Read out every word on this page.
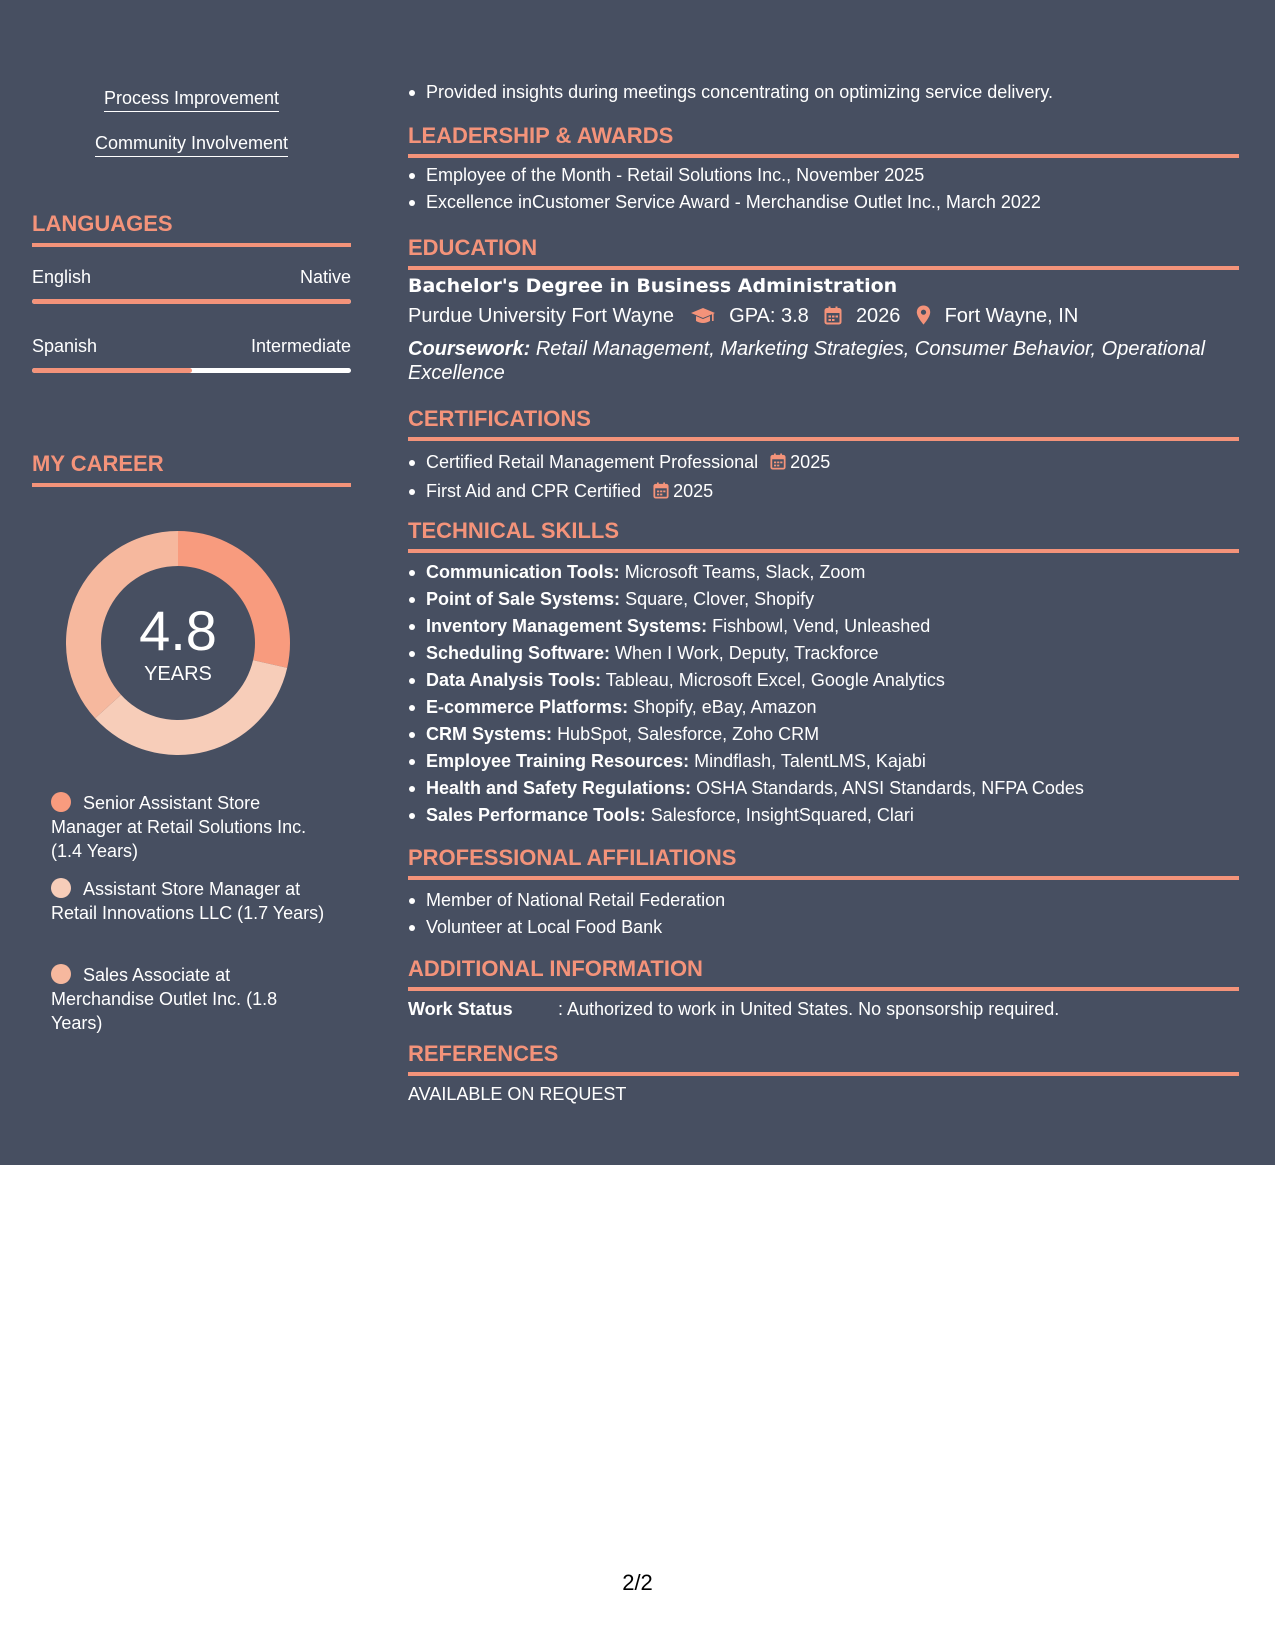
Process Improvement
Community Involvement
LANGUAGES
English	Native
Spanish	Intermediate
MY CAREER
4.8
YEARS
Senior Assistant Store Manager at Retail Solutions Inc. (1.4 Years)
Assistant Store Manager at Retail Innovations LLC (1.7 Years)
Sales Associate at Merchandise Outlet Inc. (1.8 Years)
Provided insights during meetings concentrating on optimizing service delivery.
LEADERSHIP & AWARDS
Employee of the Month - Retail Solutions Inc., November 2025
Excellence inCustomer Service Award - Merchandise Outlet Inc., March 2022
EDUCATION
Bachelor's Degree in Business Administration
Purdue University Fort Wayne	GPA: 3.8 2026 Fort Wayne, IN
Coursework: Retail Management, Marketing Strategies, Consumer Behavior, Operational Excellence
CERTIFICATIONS
Certified Retail Management Professional 2025
First Aid and CPR Certified 2025
TECHNICAL SKILLS
Communication Tools: Microsoft Teams, Slack, Zoom
Point of Sale Systems: Square, Clover, Shopify
Inventory Management Systems: Fishbowl, Vend, Unleashed
Scheduling Software: When I Work, Deputy, Trackforce
Data Analysis Tools: Tableau, Microsoft Excel, Google Analytics
E-commerce Platforms: Shopify, eBay, Amazon
CRM Systems: HubSpot, Salesforce, Zoho CRM
Employee Training Resources: Mindflash, TalentLMS, Kajabi
Health and Safety Regulations: OSHA Standards, ANSI Standards, NFPA Codes
Sales Performance Tools: Salesforce, InsightSquared, Clari
PROFESSIONAL AFFILIATIONS
Member of National Retail Federation
Volunteer at Local Food Bank
ADDITIONAL INFORMATION
Work Status	: Authorized to work in United States. No sponsorship required.
REFERENCES
AVAILABLE ON REQUEST
2/2
